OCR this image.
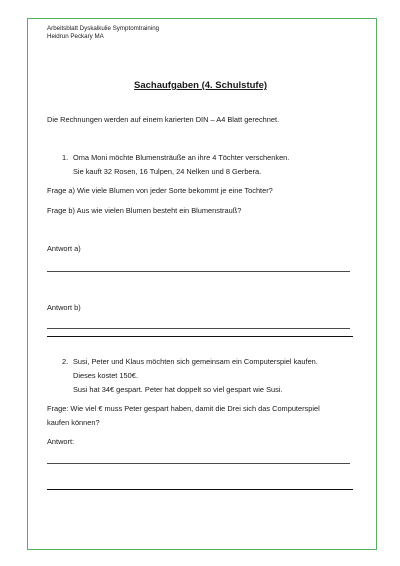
Arbeitsblatt Dyskalkulie Symptomtraining
Heidrun Peckary MA
Sachaufgaben (4. Schulstufe)
Die Rechnungen werden auf einem karierten DIN – A4 Blatt gerechnet.
1. Oma Moni möchte Blumensträuße an ihre 4 Töchter verschenken.
Sie kauft 32 Rosen, 16 Tulpen, 24 Nelken und 8 Gerbera.
Frage a) Wie viele Blumen von jeder Sorte bekommt je eine Tochter?
Frage b) Aus wie vielen Blumen besteht ein Blumenstrauß?
Antwort a)
Antwort b)
2. Susi, Peter und Klaus möchten sich gemeinsam ein Computerspiel kaufen.
Dieses kostet 150€.
Susi hat 34€ gespart. Peter hat doppelt so viel gespart wie Susi.
Frage: Wie viel € muss Peter gespart haben, damit die Drei sich das Computerspiel
kaufen können?
Antwort:
